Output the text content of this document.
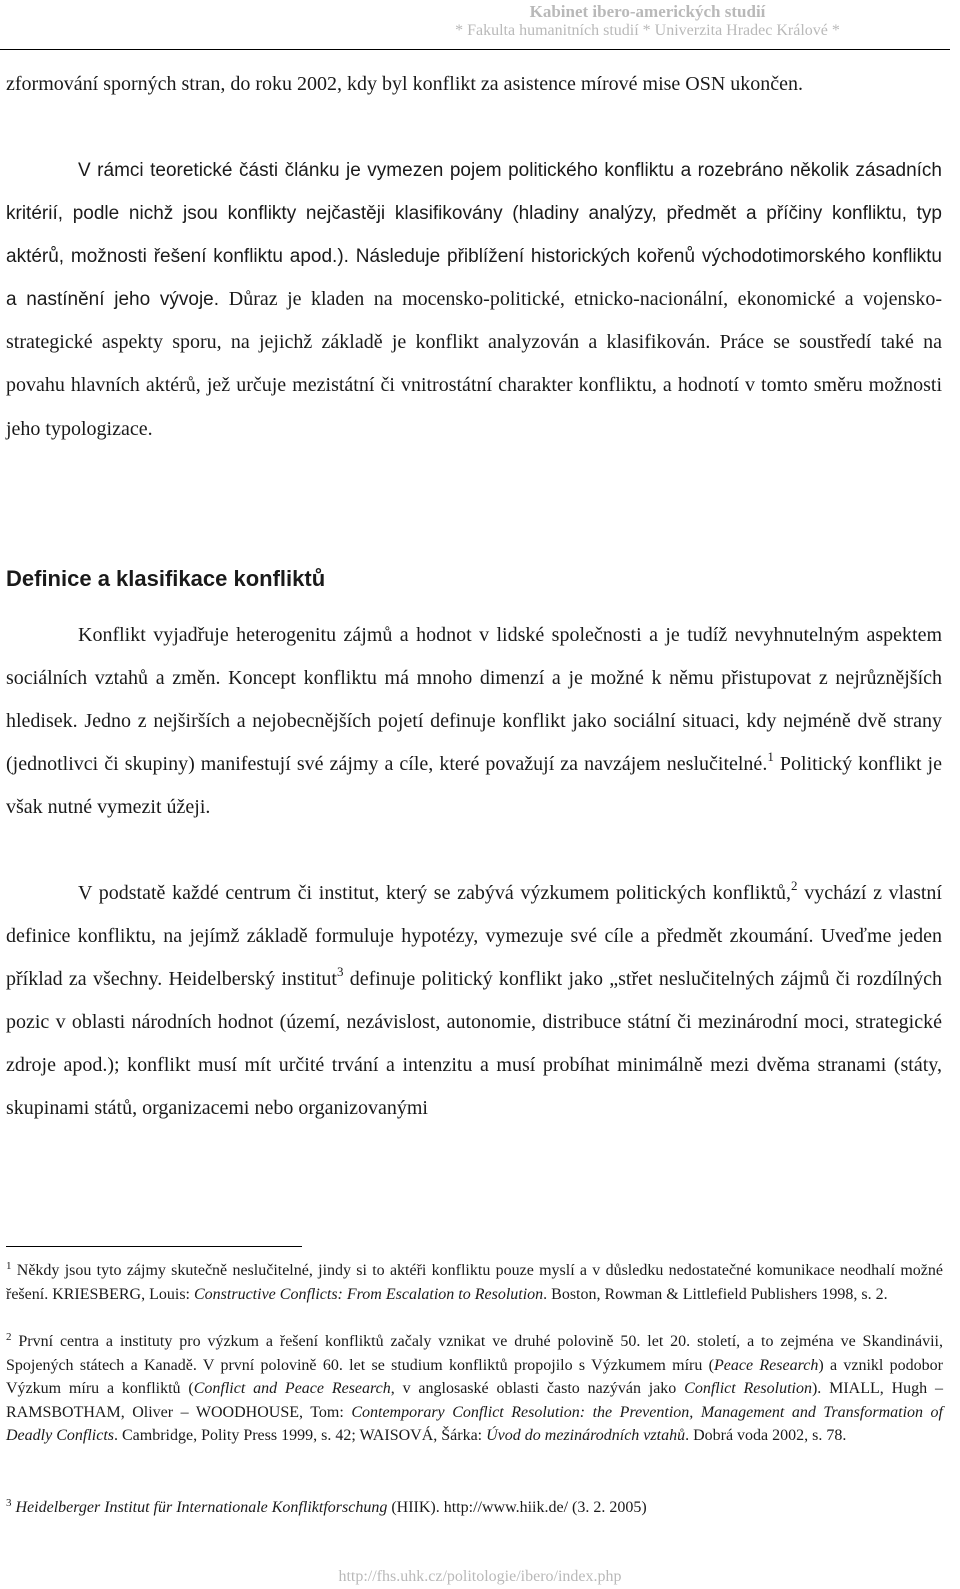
Kabinet ibero-amerických studií
* Fakulta humanitních studií * Univerzita Hradec Králové *

zformování sporných stran, do roku 2002, kdy byl konflikt za asistence mírové mise OSN ukončen.

V rámci teoretické části článku je vymezen pojem politického konfliktu a rozebráno několik zásadních kritérií, podle nichž jsou konflikty nejčastěji klasifikovány (hladiny analýzy, předmět a příčiny konfliktu, typ aktérů, možnosti řešení konfliktu apod.). Následuje přiblížení historických kořenů východotimorského konfliktu a nastínění jeho vývoje. Důraz je kladen na mocensko-politické, etnicko-nacionální, ekonomické a vojensko-strategické aspekty sporu, na jejichž základě je konflikt analyzován a klasifikován. Práce se soustředí také na povahu hlavních aktérů, jež určuje mezistátní či vnitrostátní charakter konfliktu, a hodnotí v tomto směru možnosti jeho typologizace.

Definice a klasifikace konfliktů

Konflikt vyjadřuje heterogenitu zájmů a hodnot v lidské společnosti a je tudíž nevyhnutelným aspektem sociálních vztahů a změn. Koncept konfliktu má mnoho dimenzí a je možné k němu přistupovat z nejrůznějších hledisek. Jedno z nejširších a nejobecnějších pojetí definuje konflikt jako sociální situaci, kdy nejméně dvě strany (jednotlivci či skupiny) manifestují své zájmy a cíle, které považují za navzájem neslučitelné.$^1$ Politický konflikt je však nutné vymezit úžeji.

V podstatě každé centrum či institut, který se zabývá výzkumem politických konfliktů,$^2$ vychází z vlastní definice konfliktu, na jejímž základě formuluje hypotézy, vymezuje své cíle a předmět zkoumání. Uveďme jeden příklad za všechny. Heidelberský institut$^3$ definuje politický konflikt jako „střet neslučitelných zájmů či rozdílných pozic v oblasti národních hodnot (území, nezávislost, autonomie, distribuce státní či mezinárodní moci, strategické zdroje apod.); konflikt musí mít určité trvání a intenzitu a musí probíhat minimálně mezi dvěma stranami (státy, skupinami států, organizacemi nebo organizovanými

$^1$ Někdy jsou tyto zájmy skutečně neslučitelné, jindy si to aktéři konfliktu pouze myslí a v důsledku nedostatečné komunikace neodhalí možné řešení. KRIESBERG, Louis: Constructive Conflicts: From Escalation to Resolution. Boston, Rowman & Littlefield Publishers 1998, s. 2.

$^2$ První centra a instituty pro výzkum a řešení konfliktů začaly vznikat ve druhé polovině 50. let 20. století, a to zejména ve Skandinávii, Spojených státech a Kanadě. V první polovině 60. let se studium konfliktů propojilo s Výzkumem míru (Peace Research) a vznikl podobor Výzkum míru a konfliktů (Conflict and Peace Research, v anglosaské oblasti často nazýván jako Conflict Resolution). MIALL, Hugh – RAMSBOTHAM, Oliver – WOODHOUSE, Tom: Contemporary Conflict Resolution: the Prevention, Management and Transformation of Deadly Conflicts. Cambridge, Polity Press 1999, s. 42; WAISOVÁ, Šárka: Úvod do mezinárodních vztahů. Dobrá voda 2002, s. 78.

$^3$ Heidelberger Institut für Internationale Konfliktforschung (HIIK). http://www.hiik.de/ (3. 2. 2005)

http://fhs.uhk.cz/politologie/ibero/index.php
